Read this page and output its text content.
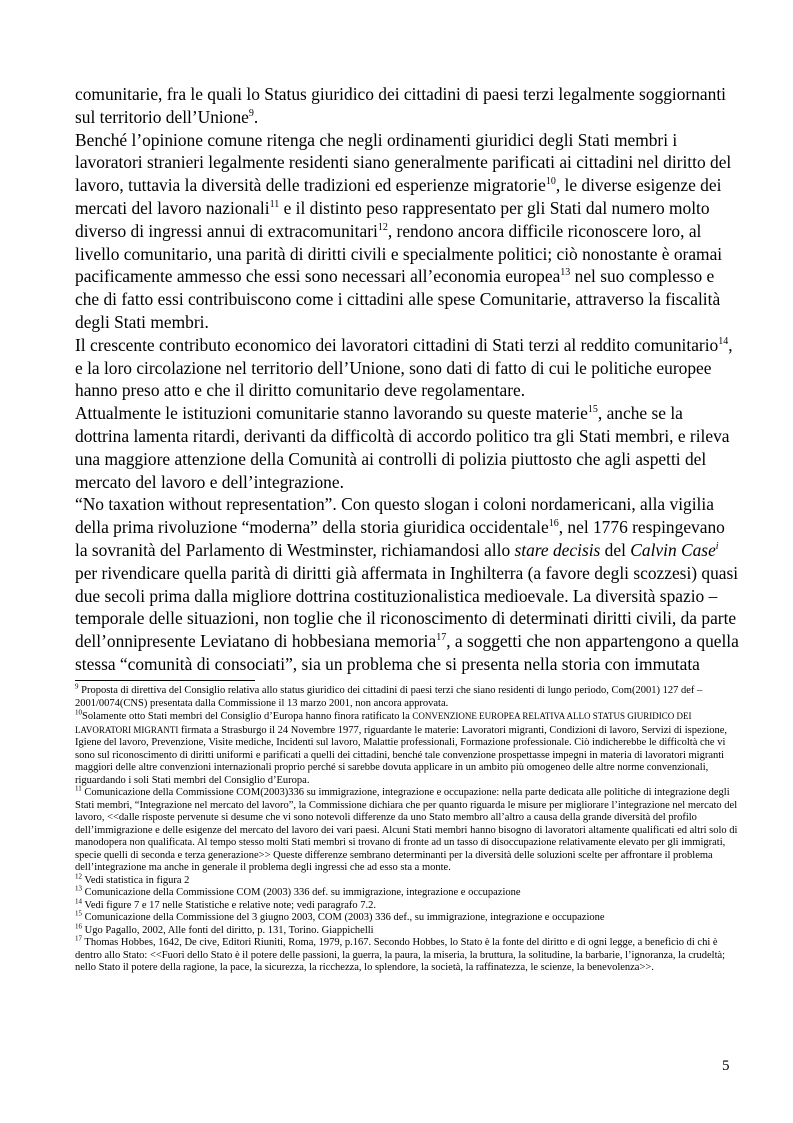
comunitarie, fra le quali lo Status giuridico dei cittadini di paesi terzi legalmente soggiornanti sul territorio dell’Unione$^9$.

Benché l’opinione comune ritenga che negli ordinamenti giuridici degli Stati membri i lavoratori stranieri legalmente residenti siano generalmente parificati ai cittadini nel diritto del lavoro, tuttavia la diversità delle tradizioni ed esperienze migratorie$^{10}$, le diverse esigenze dei mercati del lavoro nazionali$^{11}$ e il distinto peso rappresentato per gli Stati dal numero molto diverso di ingressi annui di extracomunitari$^{12}$, rendono ancora difficile riconoscere loro, al livello comunitario, una parità di diritti civili e specialmente politici; ciò nonostante è oramai pacificamente ammesso che essi sono necessari all’economia europea$^{13}$ nel suo complesso e che di fatto essi contribuiscono come i cittadini alle spese Comunitarie, attraverso la fiscalità degli Stati membri.

Il crescente contributo economico dei lavoratori cittadini di Stati terzi al reddito comunitario$^{14}$, e la loro circolazione nel territorio dell’Unione, sono dati di fatto di cui le politiche europee hanno preso atto e che il diritto comunitario deve regolamentare.

Attualmente le istituzioni comunitarie stanno lavorando su queste materie$^{15}$, anche se la dottrina lamenta ritardi, derivanti da difficoltà di accordo politico tra gli Stati membri, e rileva una maggiore attenzione della Comunità ai controlli di polizia piuttosto che agli aspetti del mercato del lavoro e dell’integrazione.

“No taxation without representation”. Con questo slogan i coloni nordamericani, alla vigilia della prima rivoluzione “moderna” della storia giuridica occidentale$^{16}$, nel 1776 respingevano la sovranità del Parlamento di Westminster, richiamandosi allo stare decisis del Calvin Case$^i$ per rivendicare quella parità di diritti già affermata in Inghilterra (a favore degli scozzesi) quasi due secoli prima dalla migliore dottrina costituzionalistica medioevale. La diversità spazio – temporale delle situazioni, non toglie che il riconoscimento di determinati diritti civili, da parte dell’onnipresente Leviatano di hobbesiana memoria$^{17}$, a soggetti che non appartengono a quella stessa “comunità di consociati”, sia un problema che si presenta nella storia con immutata

$^9$ Proposta di direttiva del Consiglio relativa allo status giuridico dei cittadini di paesi terzi che siano residenti di lungo periodo, Com(2001) 127 def – 2001/0074(CNS) presentata dalla Commissione il 13 marzo 2001, non ancora approvata.

$^{10}$Solamente otto Stati membri del Consiglio d’Europa hanno finora ratificato la CONVENZIONE EUROPEA RELATIVA ALLO STATUS GIURIDICO DEI LAVORATORI MIGRANTI firmata a Strasburgo il 24 Novembre 1977, riguardante le materie: Lavoratori migranti, Condizioni di lavoro, Servizi di ispezione, Igiene del lavoro, Prevenzione, Visite mediche, Incidenti sul lavoro, Malattie professionali, Formazione professionale. Ciò indicherebbe le difficoltà che vi sono sul riconoscimento di diritti uniformi e parificati a quelli dei cittadini, benché tale convenzione prospettasse impegni in materia di lavoratori migranti maggiori delle altre convenzioni internazionali proprio perché si sarebbe dovuta applicare in un ambito più omogeneo delle altre norme convenzionali, riguardando i soli Stati membri del Consiglio d’Europa.

$^{11}$ Comunicazione della Commissione COM(2003)336 su immigrazione, integrazione e occupazione: nella parte dedicata alle politiche di integrazione degli Stati membri, “Integrazione nel mercato del lavoro”, la Commissione dichiara che per quanto riguarda le misure per migliorare l’integrazione nel mercato del lavoro, <<dalle risposte pervenute si desume che vi sono notevoli differenze da uno Stato membro all’altro a causa della grande diversità del profilo dell’immigrazione e delle esigenze del mercato del lavoro dei vari paesi. Alcuni Stati membri hanno bisogno di lavoratori altamente qualificati ed altri solo di manodopera non qualificata. Al tempo stesso molti Stati membri si trovano di fronte ad un tasso di disoccupazione relativamente elevato per gli immigrati, specie quelli di seconda e terza generazione>> Queste differenze sembrano determinanti per la diversità delle soluzioni scelte per affrontare il problema dell’integrazione ma anche in generale il problema degli ingressi che ad esso sta a monte.

$^{12}$ Vedi statistica in figura 2

$^{13}$ Comunicazione della Commissione COM (2003) 336 def. su immigrazione, integrazione e occupazione

$^{14}$ Vedi figure 7 e 17 nelle Statistiche e relative note; vedi paragrafo 7.2.

$^{15}$ Comunicazione della Commissione del 3 giugno 2003, COM (2003) 336 def., su immigrazione, integrazione e occupazione

$^{16}$ Ugo Pagallo, 2002, Alle fonti del diritto, p. 131, Torino. Giappichelli

$^{17}$ Thomas Hobbes, 1642, De cive, Editori Riuniti, Roma, 1979, p.167. Secondo Hobbes, lo Stato è la fonte del diritto e di ogni legge, a beneficio di chi è dentro allo Stato: <<Fuori dello Stato è il potere delle passioni, la guerra, la paura, la miseria, la bruttura, la solitudine, la barbarie, l’ignoranza, la crudeltà; nello Stato il potere della ragione, la pace, la sicurezza, la ricchezza, lo splendore, la società, la raffinatezza, le scienze, la benevolenza>>.

5
